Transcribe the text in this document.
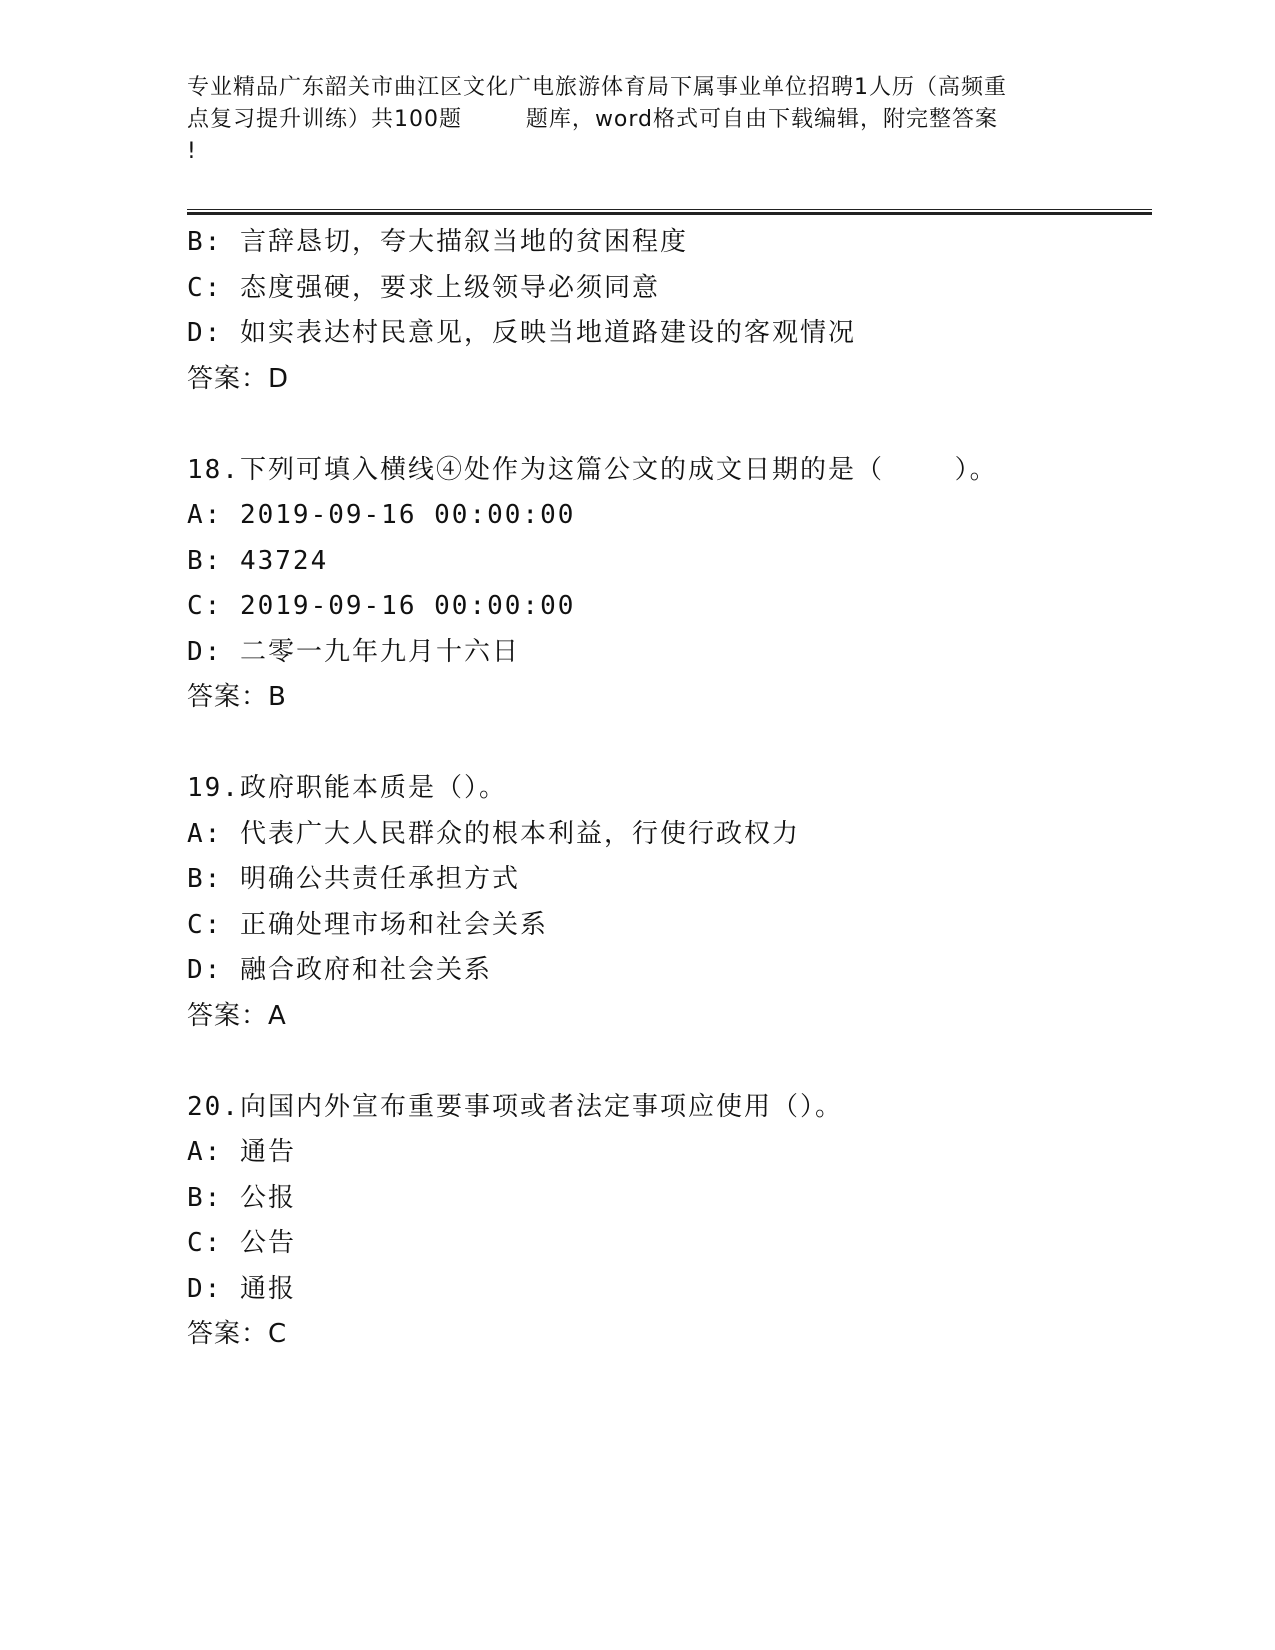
专业精品广东韶关市曲江区文化广电旅游体育局下属事业单位招聘1人历（高频重
点复习提升训练）共100题        题库，word格式可自由下载编辑，附完整答案
!
B: 言辞恳切，夸大描叙当地的贫困程度
C: 态度强硬，要求上级领导必须同意
D: 如实表达村民意见，反映当地道路建设的客观情况
答案：D
18.下列可填入横线④处作为这篇公文的成文日期的是（    ）。
A: 2019-09-16 00:00:00
B: 43724
C: 2019-09-16 00:00:00
D: 二零一九年九月十六日
答案：B
19.政府职能本质是（）。
A: 代表广大人民群众的根本利益，行使行政权力
B: 明确公共责任承担方式
C: 正确处理市场和社会关系
D: 融合政府和社会关系
答案：A
20.向国内外宣布重要事项或者法定事项应使用（）。
A: 通告
B: 公报
C: 公告
D: 通报
答案：C
